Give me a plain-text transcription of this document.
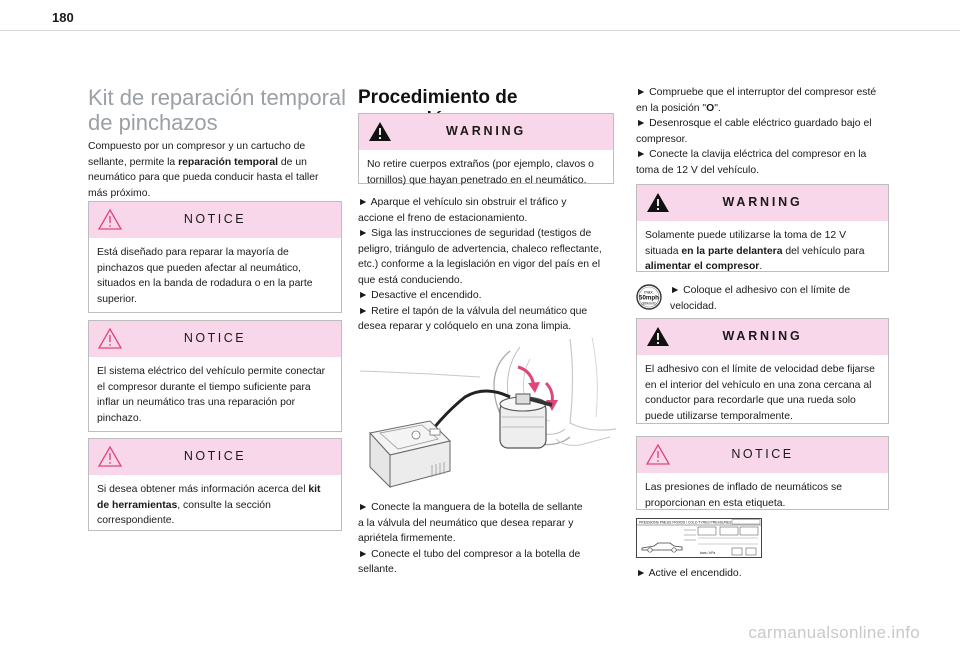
180
Kit de reparación temporal
de pinchazos
Compuesto por un compresor y un cartucho de
sellante, permite la reparación temporal de un
neumático para que pueda conducir hasta el taller
más próximo.
NOTICE
Está diseñado para reparar la mayoría de
pinchazos que pueden afectar al neumático,
situados en la banda de rodadura o en la parte
superior.
NOTICE
El sistema eléctrico del vehículo permite conectar
el compresor durante el tiempo suficiente para
inflar un neumático tras una reparación por
pinchazo.
NOTICE
Si desea obtener más información acerca del kit
de herramientas, consulte la sección
correspondiente.
Procedimiento de
WARNING
No retire cuerpos extraños (por ejemplo, clavos o
tornillos) que hayan penetrado en el neumático.
► Aparque el vehículo sin obstruir el tráfico y
accione el freno de estacionamiento.
► Siga las instrucciones de seguridad (testigos de
peligro, triángulo de advertencia, chaleco reflectante,
etc.) conforme a la legislación en vigor del país en el
que está conduciendo.
► Desactive el encendido.
► Retire el tapón de la válvula del neumático que
desea reparar y colóquelo en una zona limpia.
► Conecte la manguera de la botella de sellante
a la válvula del neumático que desea reparar y
apriétela firmemente.
► Conecte el tubo del compresor a la botella de
sellante.
► Compruebe que el interruptor del compresor esté
en la posición "O".
► Desenrosque el cable eléctrico guardado bajo el
compresor.
► Conecte la clavija eléctrica del compresor en la
toma de 12 V del vehículo.
WARNING
Solamente puede utilizarse la toma de 12 V
situada en la parte delantera del vehículo para
alimentar el compresor.
max.
50mph
(80km/h)
► Coloque el adhesivo con el límite de
velocidad.
WARNING
El adhesivo con el límite de velocidad debe fijarse
en el interior del vehículo en una zona cercana al
conductor para recordarle que una rueda solo
puede utilizarse temporalmente.
NOTICE
Las presiones de inflado de neumáticos se
proporcionan en esta etiqueta.
PRESSIONS PNEUS FROIDS / COLD TYRES PRESSURES
bars / kPa
► Active el encendido.
carmanualsonline.info
